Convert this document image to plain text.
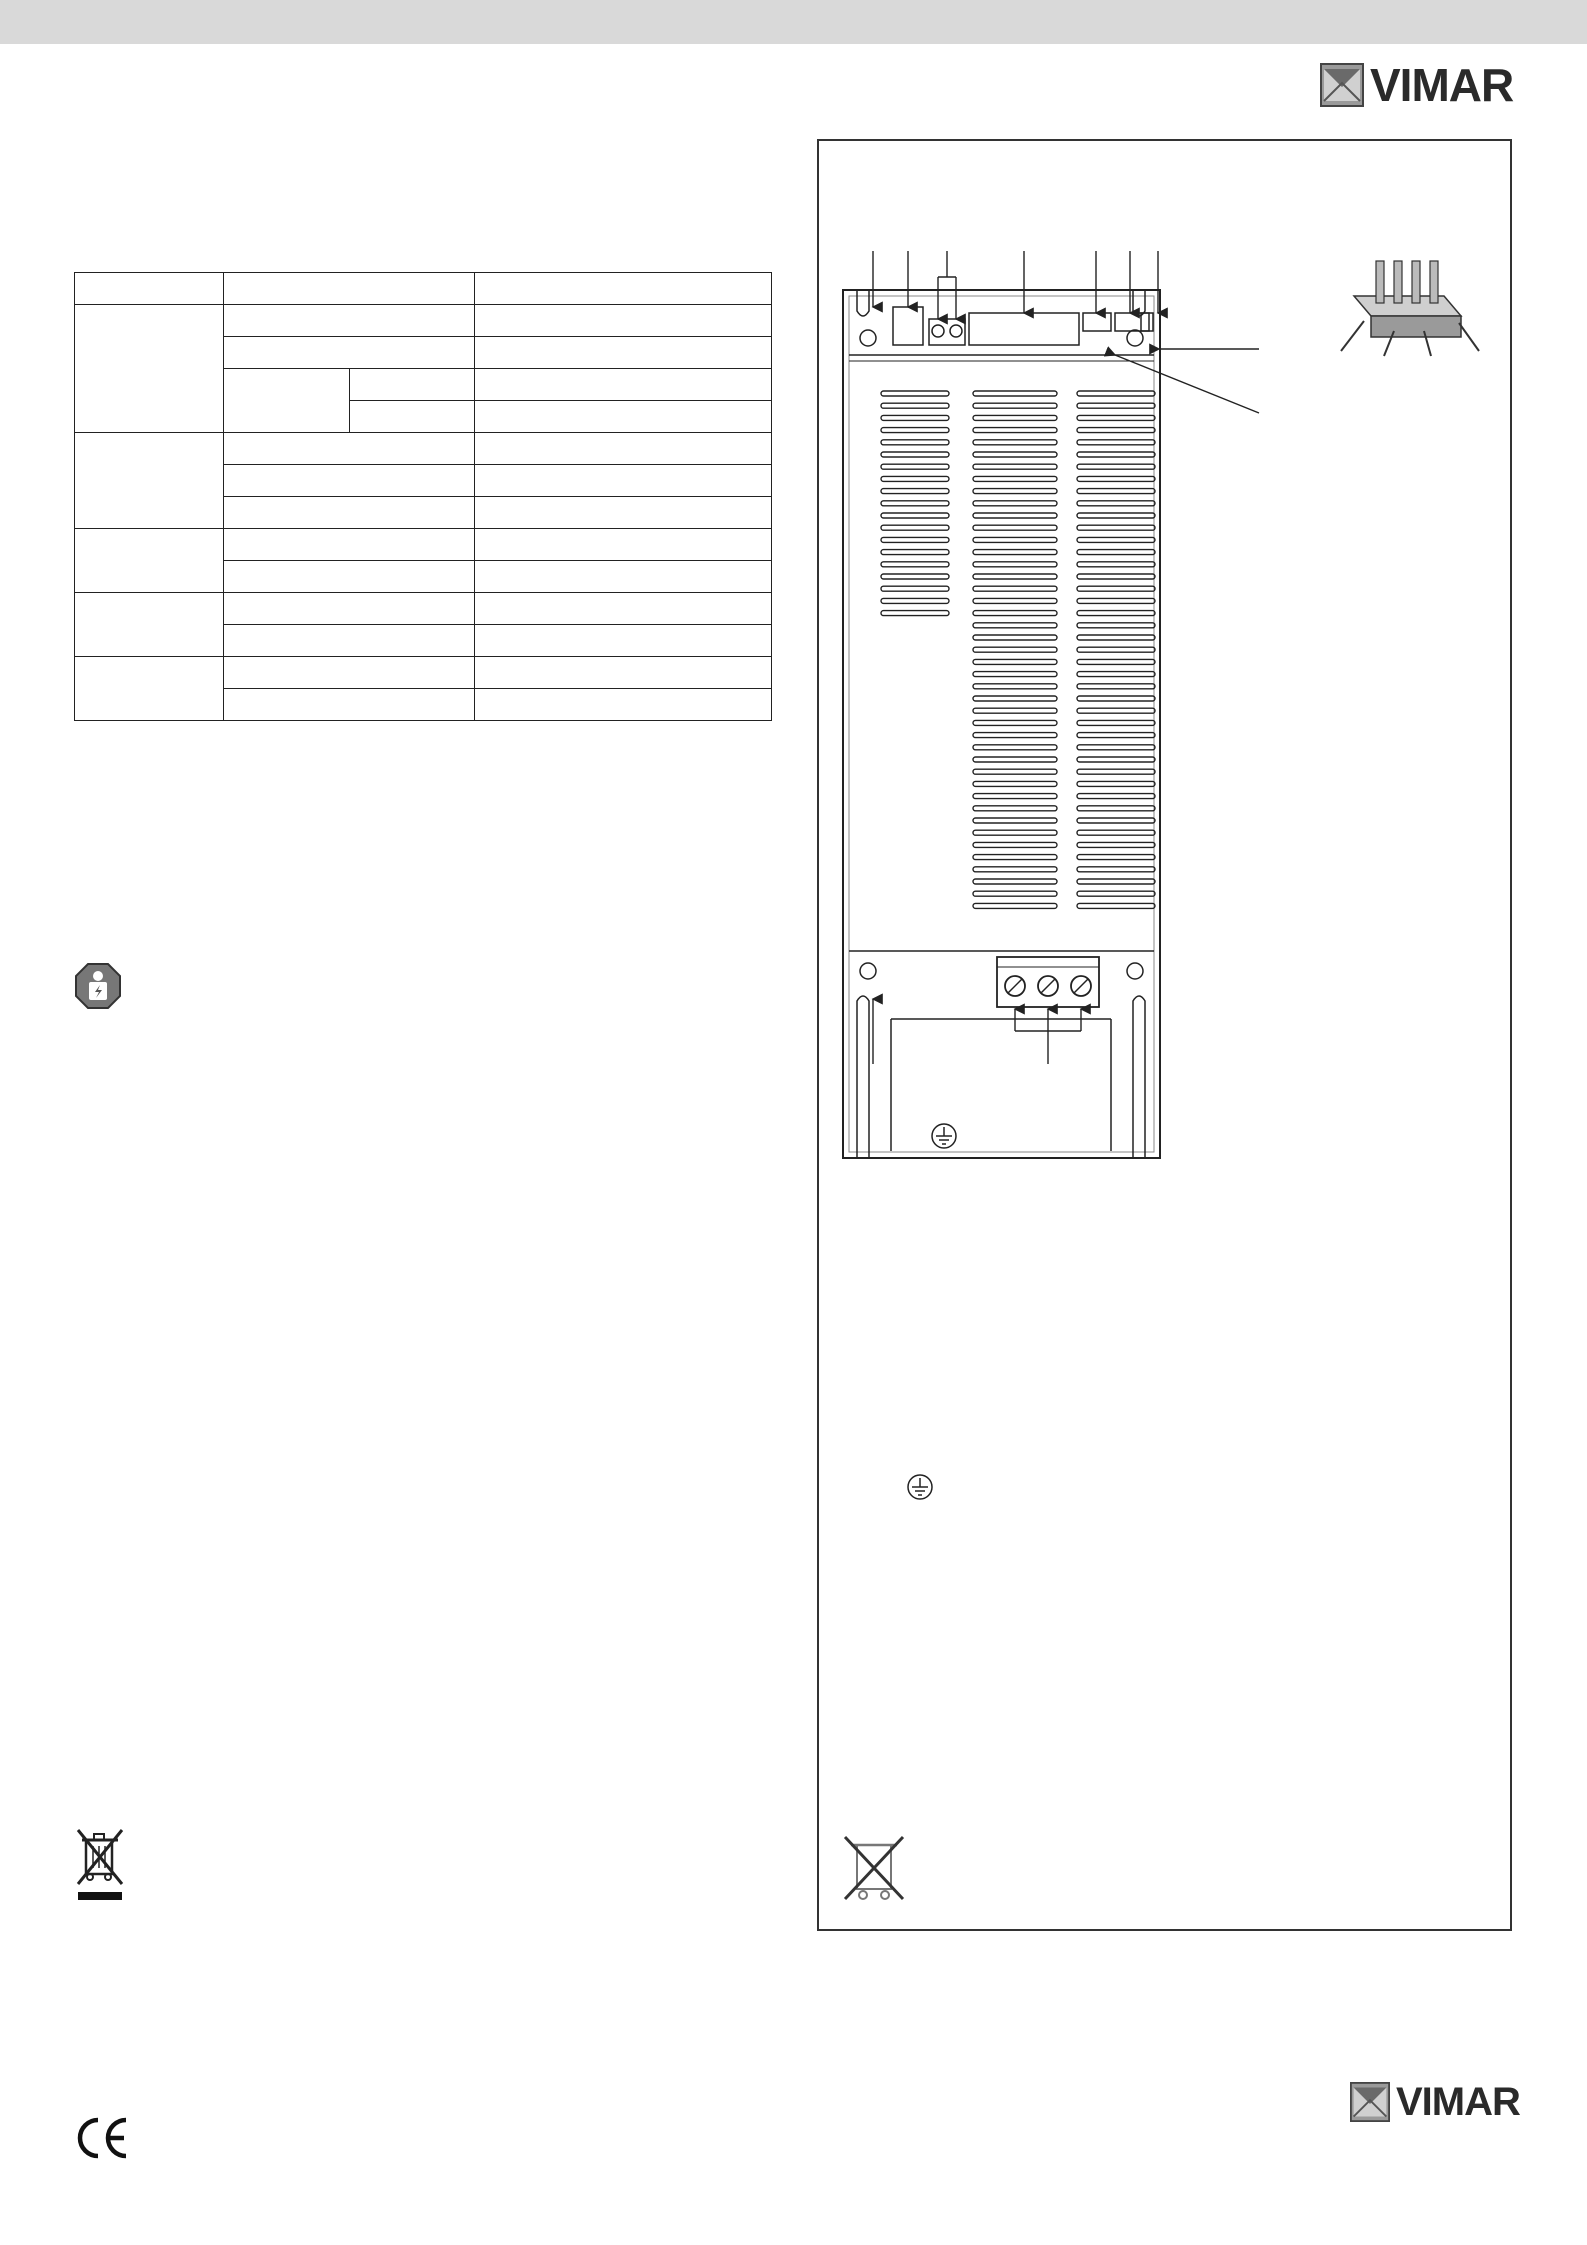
VIMAR

VIMAR
